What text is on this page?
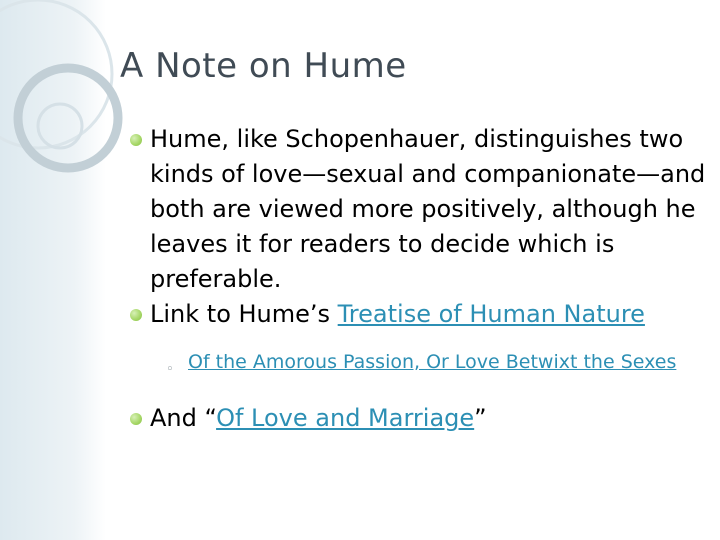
A Note on Hume
Hume, like Schopenhauer, distinguishes two kinds of love—sexual and companionate—and both are viewed more positively, although he leaves it for readers to decide which is preferable.
Link to Hume’s Treatise of Human Nature
◦ Of the Amorous Passion, Or Love Betwixt the Sexes
And “Of Love and Marriage”
